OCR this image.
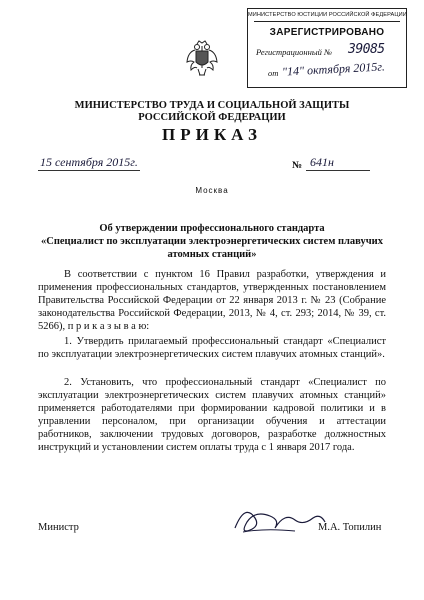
МИНИСТЕРСТВО ЮСТИЦИИ РОССИЙСКОЙ ФЕДЕРАЦИИ
ЗАРЕГИСТРИРОВАНО
Регистрационный № 39085
от "14" октября 2015г.
МИНИСТЕРСТВО ТРУДА И СОЦИАЛЬНОЙ ЗАЩИТЫ
РОССИЙСКОЙ ФЕДЕРАЦИИ
ПРИКАЗ
15 сентября 2015г.	№ 641н
Москва
Об утверждении профессионального стандарта
«Специалист по эксплуатации электроэнергетических систем плавучих
атомных станций»
В соответствии с пунктом 16 Правил разработки, утверждения и применения профессиональных стандартов, утвержденных постановлением Правительства Российской Федерации от 22 января 2013 г. № 23 (Собрание законодательства Российской Федерации, 2013, № 4, ст. 293; 2014, № 39, ст. 5266), п р и к а з ы в а ю:
1. Утвердить прилагаемый профессиональный стандарт «Специалист по эксплуатации электроэнергетических систем плавучих атомных станций».
2. Установить, что профессиональный стандарт «Специалист по эксплуатации электроэнергетических систем плавучих атомных станций» применяется работодателями при формировании кадровой политики и в управлении персоналом, при организации обучения и аттестации работников, заключении трудовых договоров, разработке должностных инструкций и установлении систем оплаты труда с 1 января 2017 года.
Министр	М.А. Топилин
